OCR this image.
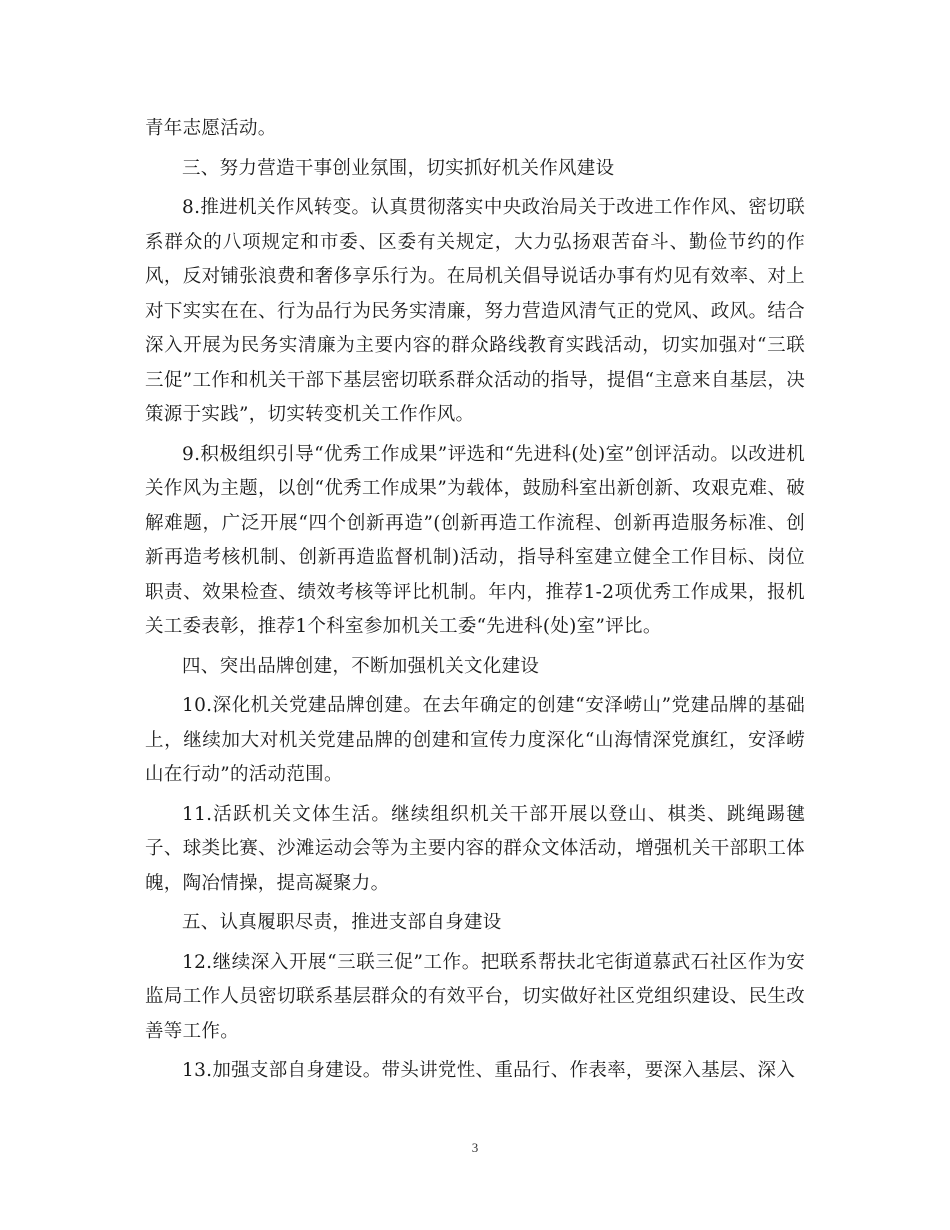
青年志愿活动。

三、努力营造干事创业氛围，切实抓好机关作风建设

8.推进机关作风转变。认真贯彻落实中央政治局关于改进工作作风、密切联系群众的八项规定和市委、区委有关规定，大力弘扬艰苦奋斗、勤俭节约的作风，反对铺张浪费和奢侈享乐行为。在局机关倡导说话办事有灼见有效率、对上对下实实在在、行为品行为民务实清廉，努力营造风清气正的党风、政风。结合深入开展为民务实清廉为主要内容的群众路线教育实践活动，切实加强对“三联三促”工作和机关干部下基层密切联系群众活动的指导，提倡“主意来自基层，决策源于实践”，切实转变机关工作作风。

9.积极组织引导“优秀工作成果”评选和“先进科(处)室”创评活动。以改进机关作风为主题，以创“优秀工作成果”为载体，鼓励科室出新创新、攻艰克难、破解难题，广泛开展“四个创新再造”(创新再造工作流程、创新再造服务标准、创新再造考核机制、创新再造监督机制)活动，指导科室建立健全工作目标、岗位职责、效果检查、绩效考核等评比机制。年内，推荐1-2项优秀工作成果，报机关工委表彰，推荐1个科室参加机关工委“先进科(处)室”评比。

四、突出品牌创建，不断加强机关文化建设

10.深化机关党建品牌创建。在去年确定的创建“安泽崂山”党建品牌的基础上，继续加大对机关党建品牌的创建和宣传力度深化“山海情深党旗红，安泽崂山在行动”的活动范围。

11.活跃机关文体生活。继续组织机关干部开展以登山、棋类、跳绳踢毽子、球类比赛、沙滩运动会等为主要内容的群众文体活动，增强机关干部职工体魄，陶冶情操，提高凝聚力。

五、认真履职尽责，推进支部自身建设

12.继续深入开展“三联三促”工作。把联系帮扶北宅街道慕武石社区作为安监局工作人员密切联系基层群众的有效平台，切实做好社区党组织建设、民生改善等工作。

13.加强支部自身建设。带头讲党性、重品行、作表率，要深入基层、深入

3
